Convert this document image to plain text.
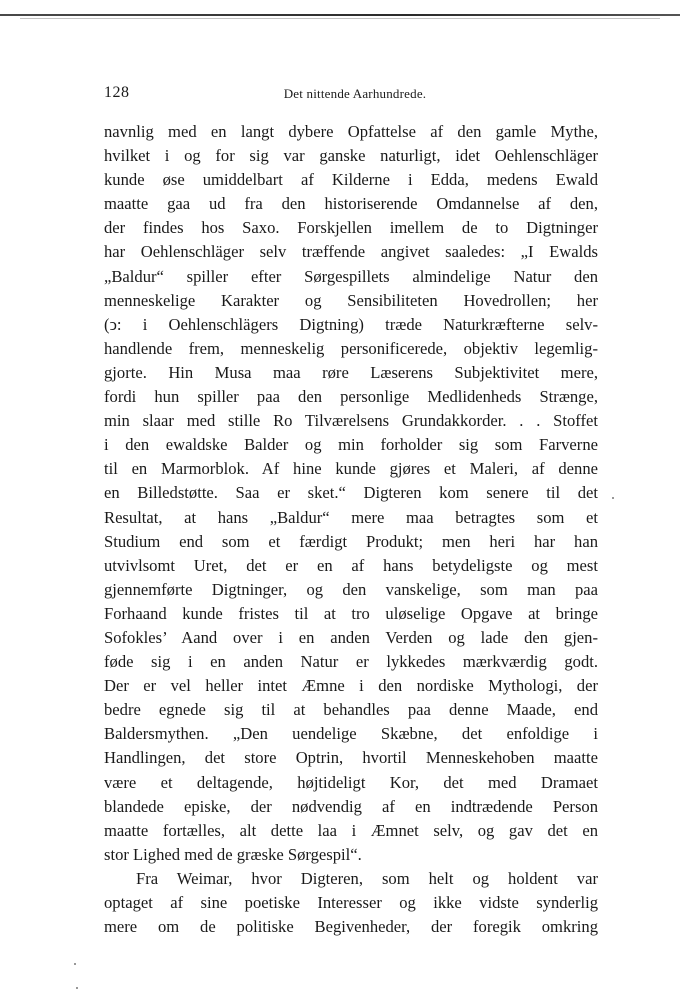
128	Det nittende Aarhundrede.
navnlig med en langt dybere Opfattelse af den gamle Mythe,
hvilket i og for sig var ganske naturligt, idet Oehlenschläger
kunde øse umiddelbart af Kilderne i Edda, medens Ewald
maatte gaa ud fra den historiserende Omdannelse af den,
der findes hos Saxo. Forskjellen imellem de to Digtninger
har Oehlenschläger selv træffende angivet saaledes: „I Ewalds
„Baldur“ spiller efter Sørgespillets almindelige Natur den
menneskelige Karakter og Sensibiliteten Hovedrollen; her
(ↄ: i Oehlenschlägers Digtning) træde Naturkræfterne selv-
handlende frem, menneskelig personificerede, objektiv legemlig-
gjorte. Hin Musa maa røre Læserens Subjektivitet mere,
fordi hun spiller paa den personlige Medlidenheds Strænge,
min slaar med stille Ro Tilværelsens Grundakkorder. . . Stoffet
i den ewaldske Balder og min forholder sig som Farverne
til en Marmorblok. Af hine kunde gjøres et Maleri, af denne
en Billedstøtte. Saa er sket.“ Digteren kom senere til det
Resultat, at hans „Baldur“ mere maa betragtes som et
Studium end som et færdigt Produkt; men heri har han
utvivlsomt Uret, det er en af hans betydeligste og mest
gjennemførte Digtninger, og den vanskelige, som man paa
Forhaand kunde fristes til at tro uløselige Opgave at bringe
Sofokles’ Aand over i en anden Verden og lade den gjen-
føde sig i en anden Natur er lykkedes mærkværdig godt.
Der er vel heller intet Æmne i den nordiske Mythologi, der
bedre egnede sig til at behandles paa denne Maade, end
Baldersmythen. „Den uendelige Skæbne, det enfoldige i
Handlingen, det store Optrin, hvortil Menneskehoben maatte
være et deltagende, højtideligt Kor, det med Dramaet
blandede episke, der nødvendig af en indtrædende Person
maatte fortælles, alt dette laa i Æmnet selv, og gav det en
stor Lighed med de græske Sørgespil“.
Fra Weimar, hvor Digteren, som helt og holdent var
optaget af sine poetiske Interesser og ikke vidste synderlig
mere om de politiske Begivenheder, der foregik omkring
